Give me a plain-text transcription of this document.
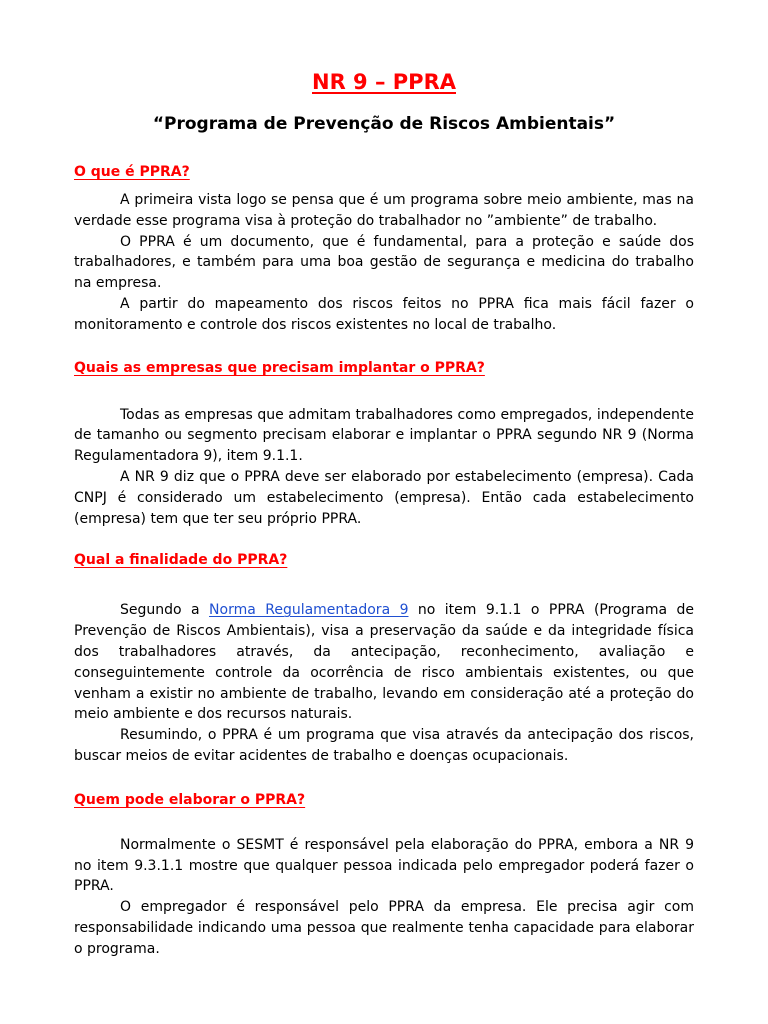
NR 9 – PPRA
“Programa de Prevenção de Riscos Ambientais”
O que é PPRA?

A primeira vista logo se pensa que é um programa sobre meio ambiente, mas na verdade esse programa visa à proteção do trabalhador no ”ambiente” de trabalho.

O PPRA é um documento, que é fundamental, para a proteção e saúde dos trabalhadores, e também para uma boa gestão de segurança e medicina do trabalho na empresa.

A partir do mapeamento dos riscos feitos no PPRA fica mais fácil fazer o monitoramento e controle dos riscos existentes no local de trabalho.

Quais as empresas que precisam implantar o PPRA?

Todas as empresas que admitam trabalhadores como empregados, independente de tamanho ou segmento precisam elaborar e implantar o PPRA segundo NR 9 (Norma Regulamentadora 9), item 9.1.1.

A NR 9 diz que o PPRA deve ser elaborado por estabelecimento (empresa). Cada CNPJ é considerado um estabelecimento (empresa). Então cada estabelecimento (empresa) tem que ter seu próprio PPRA.

Qual a finalidade do PPRA?

Segundo a Norma Regulamentadora 9 no item 9.1.1 o PPRA (Programa de Prevenção de Riscos Ambientais), visa a preservação da saúde e da integridade física dos trabalhadores através, da antecipação, reconhecimento, avaliação e conseguintemente controle da ocorrência de risco ambientais existentes, ou que venham a existir no ambiente de trabalho, levando em consideração até a proteção do meio ambiente e dos recursos naturais.

Resumindo, o PPRA é um programa que visa através da antecipação dos riscos, buscar meios de evitar acidentes de trabalho e doenças ocupacionais.

Quem pode elaborar o PPRA?

Normalmente o SESMT é responsável pela elaboração do PPRA, embora a NR 9 no item 9.3.1.1 mostre que qualquer pessoa indicada pelo empregador poderá fazer o PPRA.

O empregador é responsável pelo PPRA da empresa. Ele precisa agir com responsabilidade indicando uma pessoa que realmente tenha capacidade para elaborar o programa.
